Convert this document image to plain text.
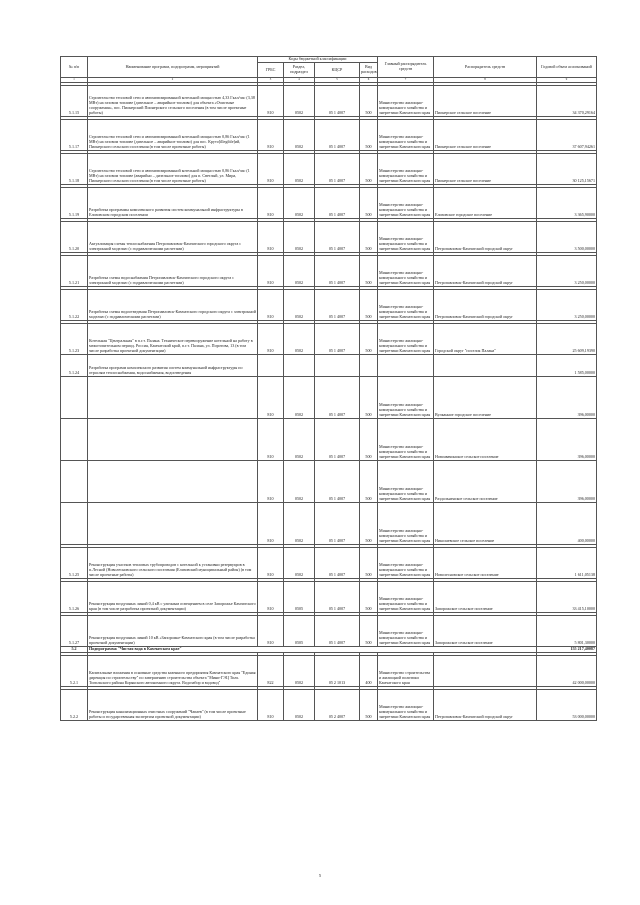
№ п/п	Наименование программ, подпрограмм, мероприятий	Коды бюджетной классификации				Главный распорядитель средств	Распорядитель средств	Годовой объем ассигнований
		ГРБС	Раздел, подраздел	КЦСР	Вид расходов			
1	2	3	4	5	6	7	8	9

5.1.15	Строительство тепловой сети и автоматизированной котельной мощностью 4,33 Гкал/час (3,38 МВт) на газовом топливе (дизельное – аварийное топливо) для объекта «Очистные сооружения», пос. Пионерский Пионерского сельского поселения (в том числе проектные работы)	810	0502	05 1 4007	500	Министерство жилищно-коммунального хозяйства и энергетики Камчатского края	Пионерское сельское поселение	34 370,29164

5.1.17	Строительство тепловой сети и автоматизированной котельной мощностью 0,86 Гкал/час (1 МВт) на газовом топливе (дизельное – аварийное топливо) для пос. Круто[illegible]ий, Пионерского сельского поселения (в том числе проектные работы)	810	0502	05 1 4007	500	Министерство жилищно-коммунального хозяйства и энергетики Камчатского края	Пионерское сельское поселение	37 607,94261

5.1.18	Строительство тепловой сети и автоматизированной котельной мощностью 0,86 Гкал/час (1 МВт) на газовом топливе (аварийно – дизельное топливо) для п. Светлый, ул. Мира, Пионерского сельского поселения (в том числе проектные работы)	810	0502	05 1 4007	500	Министерство жилищно-коммунального хозяйства и энергетики Камчатского края	Пионерское сельское поселение	30 125,15671

5.1.19	Разработка программы комплексного развития систем коммунальной инфраструктуры в Елизовском городском поселении	810	0502	05 1 4007	500	Министерство жилищно-коммунального хозяйства и энергетики Камчатского края	Елизовское городское поселение	3 365,90000

5.1.20	Актуализация схемы теплоснабжения Петропавловск-Камчатского городского округа с электронной моделью (с гидравлическими расчетами)	810	0502	05 1 4007	500	Министерство жилищно-коммунального хозяйства и энергетики Камчатского края	Петропавловск-Камчатский городской округ	3 500,00000

5.1.21	Разработка схемы водоснабжения Петропавловск-Камчатского городского округа с электронной моделью (с гидравлическими расчетами)	810	0502	05 1 4007	500	Министерство жилищно-коммунального хозяйства и энергетики Камчатского края	Петропавловск-Камчатский городской округ	3 250,00000

5.1.22	Разработка схемы водоотведения Петропавловск-Камчатского городского округа с электронной моделью (с гидравлическими расчетами)	810	0502	05 1 4007	500	Министерство жилищно-коммунального хозяйства и энергетики Камчатского края	Петропавловск-Камчатский городской округ	3 250,00000

5.1.23	Котельная "Центральная" в п.г.т. Палана. Техническое перевооружение котельной на работу в межотопительном период. Россия, Камчатский край, п.г.т. Палана, ул. Поротова, 13 (в том числе разработка проектной документации)	810	0502	05 1 4007	500	Министерство жилищно-коммунального хозяйства и энергетики Камчатского края	Городской округ "поселок Палана"	25 609,19390
5.1.24	Разработка программ комплексного развития систем коммунальной инфраструктуры по отраслям теплоснабжения, водоснабжения, водоотведения							1 585,00000
		810	0502	05 1 4007	500	Министерство жилищно-коммунального хозяйства и энергетики Камчатского края	Вулканное городское поселение	396,00000
		810	0502	05 1 4007	500	Министерство жилищно-коммунального хозяйства и энергетики Камчатского края	Новоавачинское сельское поселение	396,00000
		810	0502	05 1 4007	500	Министерство жилищно-коммунального хозяйства и энергетики Камчатского края	Раздольненское сельское поселение	396,00000
		810	0502	05 1 4007	500	Министерство жилищно-коммунального хозяйства и энергетики Камчатского края	Николаевское сельское поселение	400,00000

5.1.25	Реконструкция участков тепловых трубопроводов с котельной к установки резервуаров в п.Лесной (Новолесновского сельского поселения (Елизовский муниципальный район) (в том числе проектные работы)	810	0502	05 1 4007	500	Министерство жилищно-коммунального хозяйства и энергетики Камчатского края	Новолесновское сельское поселение	1 611,05138

5.1.26	Реконструкция воздушных линий 0,4 кВ с уличным освещением в селе Запорожье Камчатского края (в том числе разработка проектной документации)	810	0505	05 1 4007	500	Министерство жилищно-коммунального хозяйства и энергетики Камчатского края	Запорожское сельское поселение	33 415,10000

5.1.27	Реконструкция воздушных линий 10 кВ «Запорожье-Камчатского края (в том числе разработка проектной документации)	810	0505	05 1 4007	500	Министерство жилищно-коммунального хозяйства и энергетики Камчатского края	Запорожское сельское поселение	5 801,30000
5.2	Подпрограмма "Чистая вода в Камчатском крае"							155 217,40087

5.2.1	Капитальные вложения в основные средства казенного предприятия Камчатского края "Единая дирекция по строительству" по завершению строительства объекта "Мини-ГЭЦ Тиль Тигильского района Корякского автономного округа. Водозабор и водовод"	822	0502	05 2 1013	400	Министерство строительства и жилищной политики Камчатского края		42 000,00000

5.2.2	Реконструкция канализационных очистных сооружений "Чапаев" (в том числе проектные работы и государственная экспертиза проектной документации)	810	0502	05 2 4007	500	Министерство жилищно-коммунального хозяйства и энергетики Камчатского края	Петропавловск-Камчатский городской округ	53 000,00000
5
